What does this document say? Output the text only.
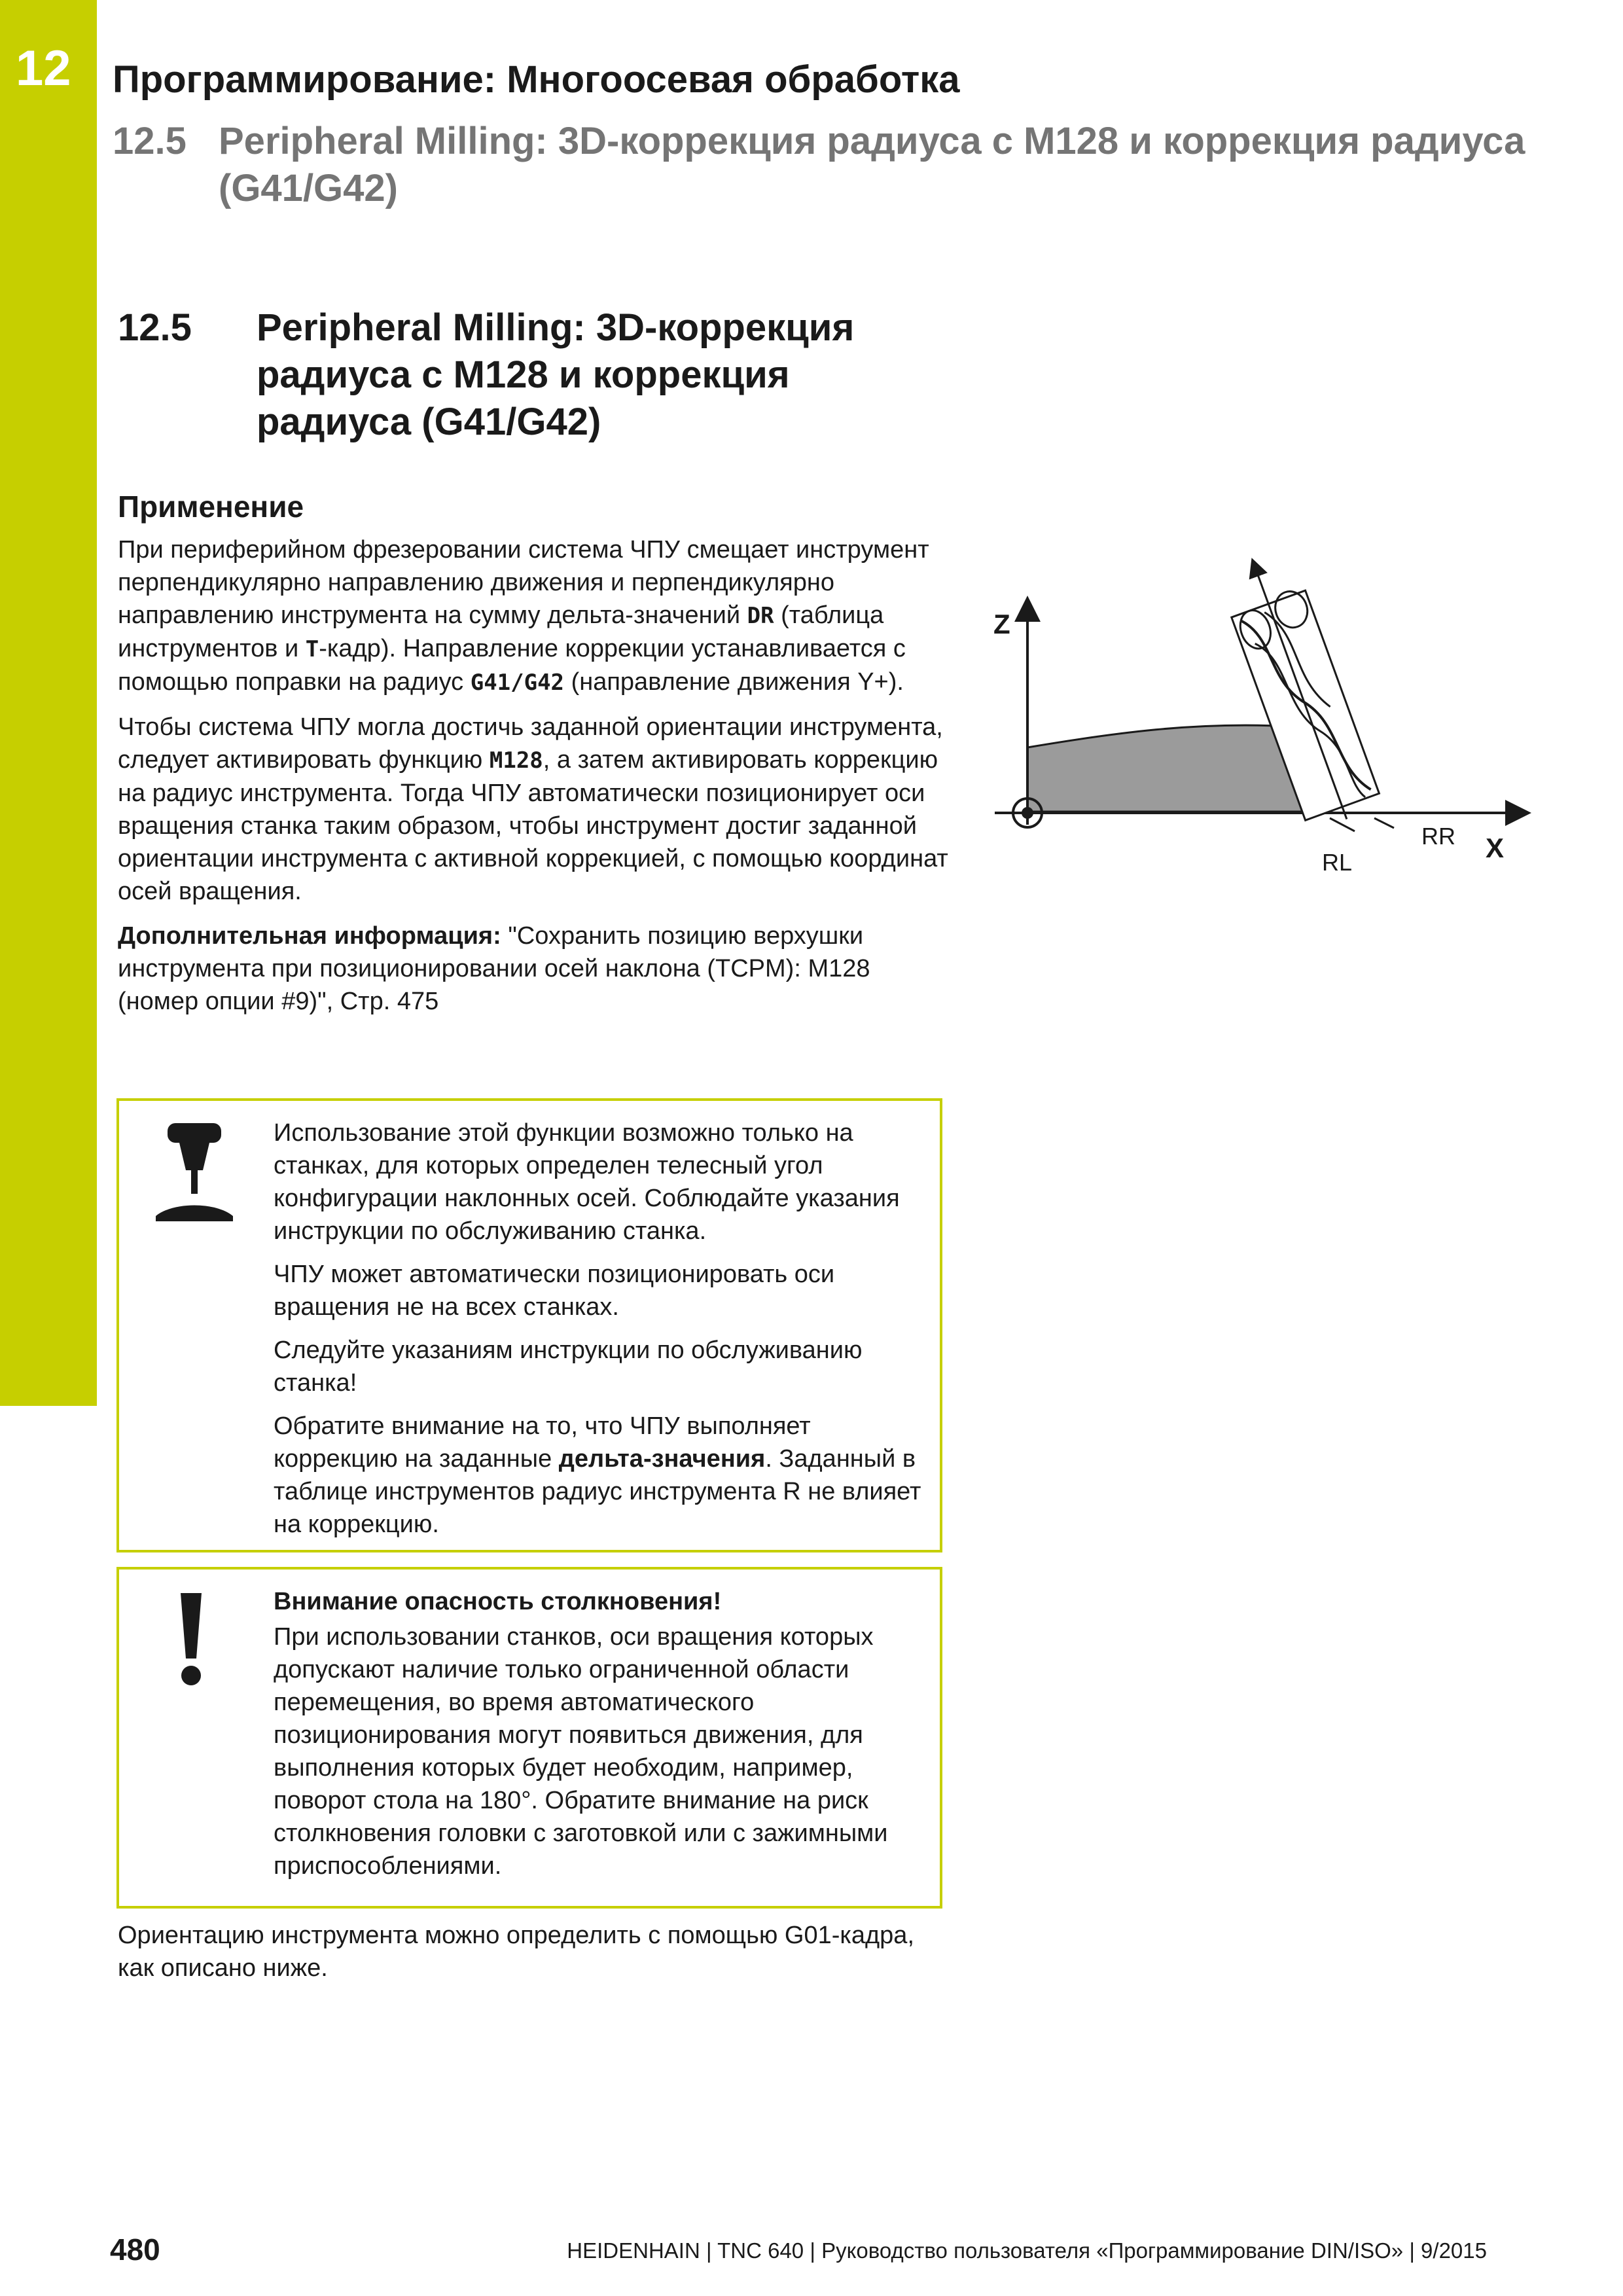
12	Программирование: Многоосевая обработка
12.5 Peripheral Milling: 3D-коррекция радиуса с M128 и коррекция радиуса (G41/G42)
12.5 Peripheral Milling: 3D-коррекция радиуса с M128 и коррекция радиуса (G41/G42)
Применение

При периферийном фрезеровании система ЧПУ смещает инструмент перпендикулярно направлению движения и перпендикулярно направлению инструмента на сумму дельта-значений DR (таблица инструментов и T-кадр). Направление коррекции устанавливается с помощью поправки на радиус G41/G42 (направление движения Y+).

Чтобы система ЧПУ могла достичь заданной ориентации инструмента, следует активировать функцию M128, а затем активировать коррекцию на радиус инструмента. Тогда ЧПУ автоматически позиционирует оси вращения станка таким образом, чтобы инструмент достиг заданной ориентации инструмента с активной коррекцией, с помощью координат осей вращения.

Дополнительная информация: "Сохранить позицию верхушки инструмента при позиционировании осей наклона (TCPM): M128 (номер опции #9)", Стр. 475

Z
X
RL
RR

Использование этой функции возможно только на станках, для которых определен телесный угол конфигурации наклонных осей. Соблюдайте указания инструкции по обслуживанию станка.

ЧПУ может автоматически позиционировать оси вращения не на всех станках.

Следуйте указаниям инструкции по обслуживанию станка!

Обратите внимание на то, что ЧПУ выполняет коррекцию на заданные дельта-значения. Заданный в таблице инструментов радиус инструмента R не влияет на коррекцию.

Внимание опасность столкновения!

При использовании станков, оси вращения которых допускают наличие только ограниченной области перемещения, во время автоматического позиционирования могут появиться движения, для выполнения которых будет необходим, например, поворот стола на 180°. Обратите внимание на риск столкновения головки с заготовкой или с зажимными приспособлениями.

Ориентацию инструмента можно определить с помощью G01-кадра, как описано ниже.
480	HEIDENHAIN | TNC 640 | Руководство пользователя «Программирование DIN/ISO» | 9/2015
